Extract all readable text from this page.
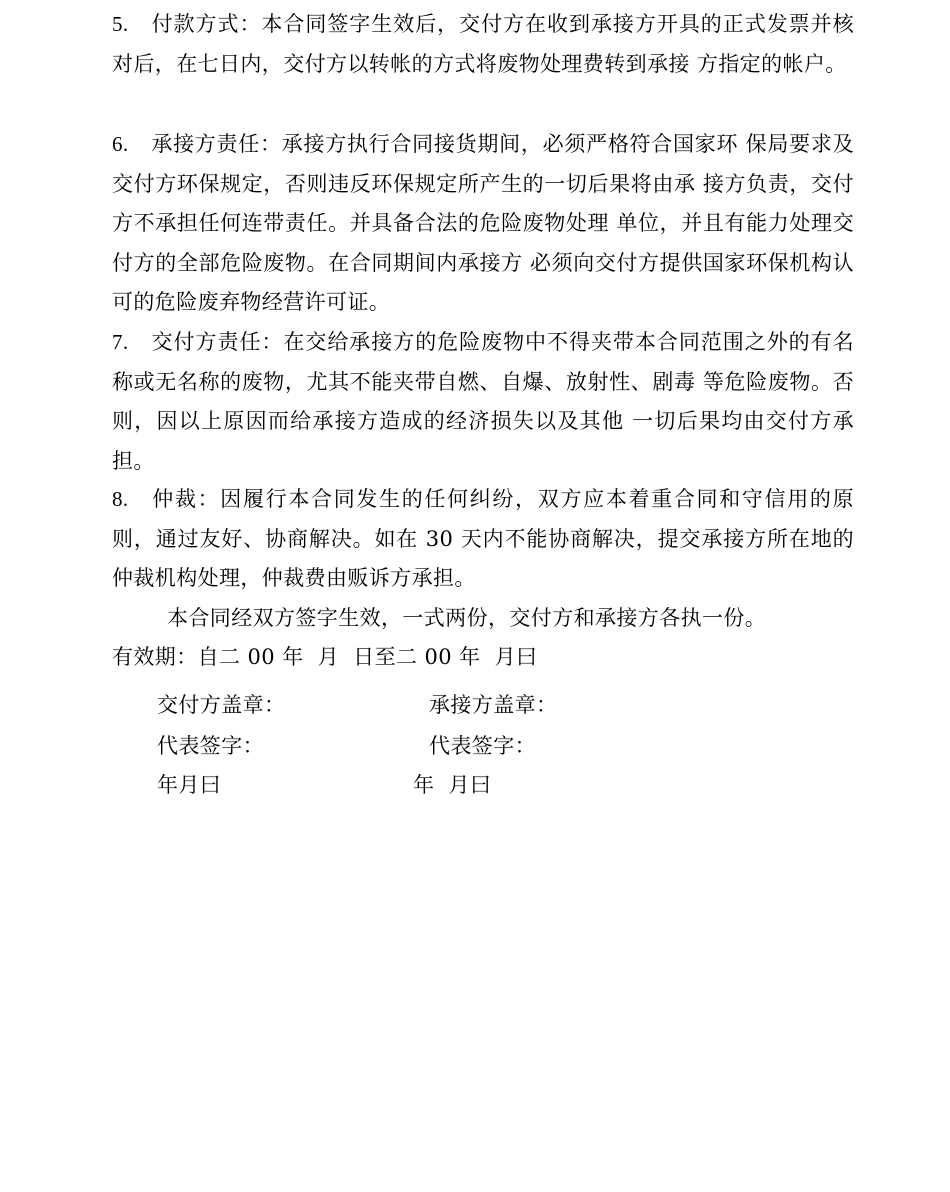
5. 付款方式：本合同签字生效后，交付方在收到承接方开具的正式发票并核对后，在七日内，交付方以转帐的方式将废物处理费转到承接 方指定的帐户。
6. 承接方责任：承接方执行合同接货期间，必须严格符合国家环 保局要求及交付方环保规定，否则违反环保规定所产生的一切后果将由承 接方负责，交付方不承担任何连带责任。并具备合法的危险废物处理 单位，并且有能力处理交付方的全部危险废物。在合同期间内承接方 必须向交付方提供国家环保机构认可的危险废弃物经营许可证。
7. 交付方责任：在交给承接方的危险废物中不得夹带本合同范围之外的有名称或无名称的废物，尤其不能夹带自燃、自爆、放射性、剧毒 等危险废物。否则，因以上原因而给承接方造成的经济损失以及其他 一切后果均由交付方承担。
8. 仲裁：因履行本合同发生的任何纠纷，双方应本着重合同和守信用的原则，通过友好、协商解决。如在 30 天内不能协商解决，提交承接方所在地的仲裁机构处理，仲裁费由贩诉方承担。
本合同经双方签字生效，一式两份，交付方和承接方各执一份。
有效期：自二 00 年  月  日至二 00 年  月曰
交付方盖章：	承接方盖章：
代表签字：	代表签字：
年月曰	年  月曰
